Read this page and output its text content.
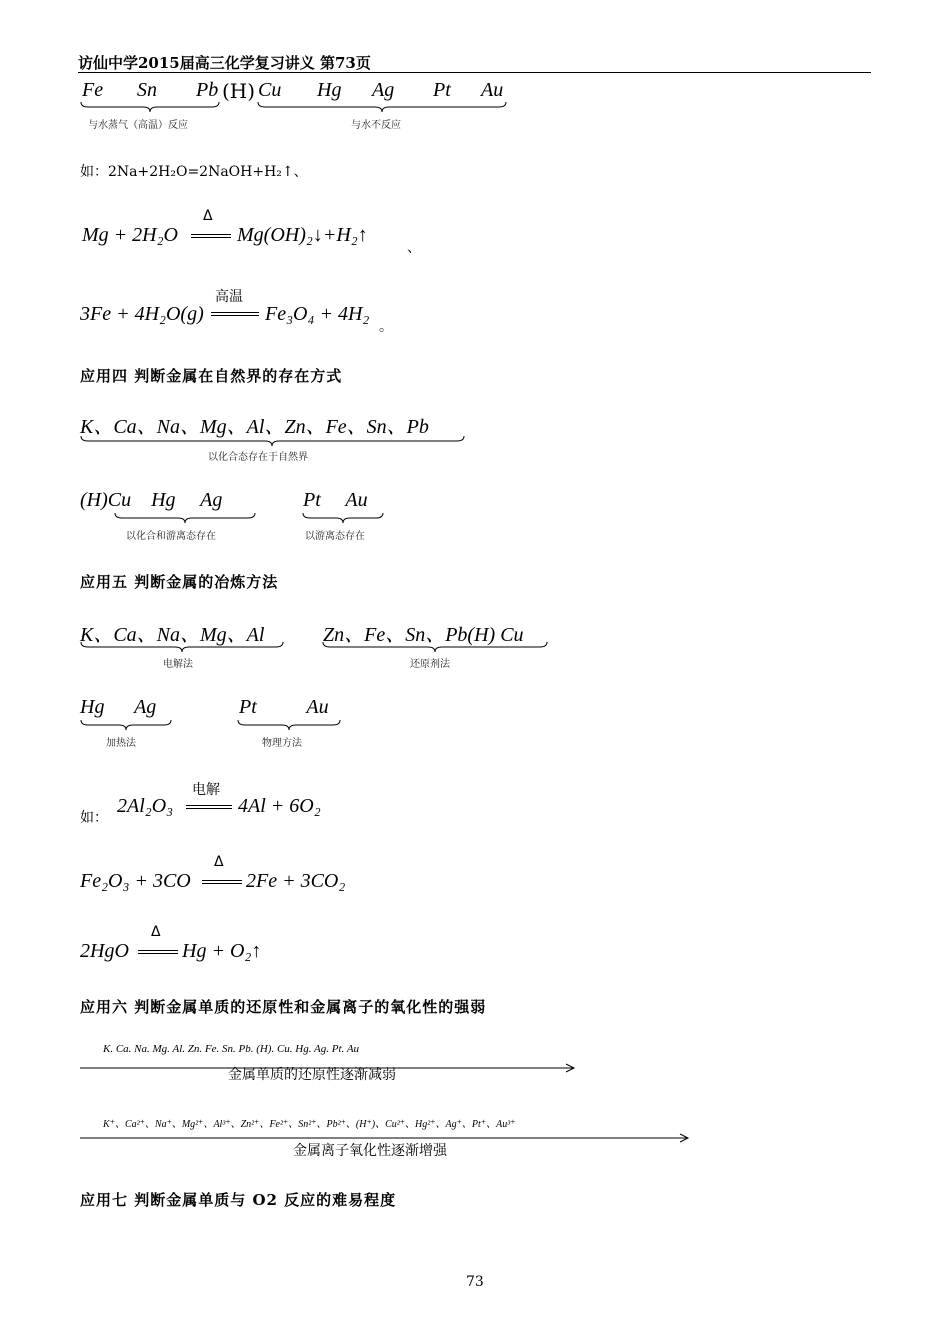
访仙中学2015届高三化学复习讲义 第73页
Fe Sn Pb (H) Cu Hg Ag Pt Au
与水蒸气（高温）反应	与水不反应
如：2Na+2H₂O=2NaOH+H₂↑、
Mg + 2H₂O
Δ
Mg(OH)₂↓+H₂↑
、
3Fe + 4H₂O(g)
高温
Fe₃O₄ + 4H₂
。
应用四 判断金属在自然界的存在方式
K、Ca、Na、Mg、Al、Zn、Fe、Sn、Pb
以化合态存在于自然界
(H)Cu    Hg     Ag
以化合和游离态存在
Pt     Au
以游离态存在
应用五 判断金属的冶炼方法
K、Ca、Na、Mg、Al
电解法
Zn、Fe、Sn、Pb(H) Cu
还原剂法
Hg      Ag
加热法
Pt          Au
物理方法
如：
2Al₂O₃
电解
4Al + 6O₂
Fe₂O₃ + 3CO
Δ
2Fe + 3CO₂
2HgO
Δ
Hg + O₂↑
应用六 判断金属单质的还原性和金属离子的氧化性的强弱
K. Ca. Na. Mg. Al. Zn. Fe. Sn. Pb. (H). Cu. Hg. Ag. Pt. Au
金属单质的还原性逐渐减弱
K⁺、Ca²⁺、Na⁺、Mg²⁺、Al³⁺、Zn²⁺、Fe²⁺、Sn²⁺、Pb²⁺、(H⁺)、Cu²⁺、Hg²⁺、Ag⁺、Pt⁺、Au³⁺
金属离子氧化性逐渐增强
应用七 判断金属单质与 O2 反应的难易程度
73
